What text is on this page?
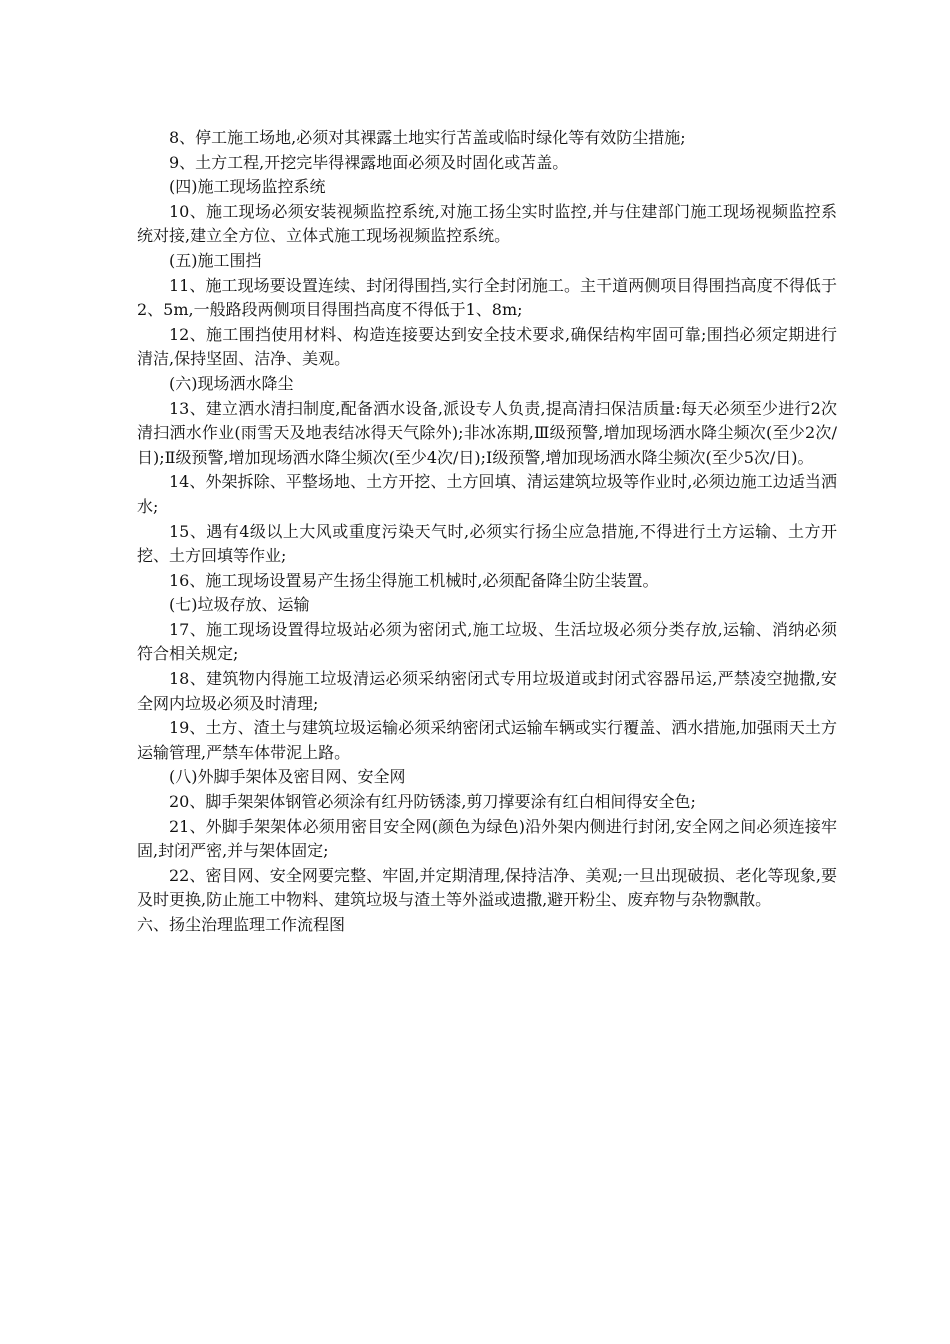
8、停工施工场地,必须对其裸露土地实行苫盖或临时绿化等有效防尘措施;

9、土方工程,开挖完毕得裸露地面必须及时固化或苫盖。

(四)施工现场监控系统

10、施工现场必须安装视频监控系统,对施工扬尘实时监控,并与住建部门施工现场视频监控系统对接,建立全方位、立体式施工现场视频监控系统。

(五)施工围挡

11、施工现场要设置连续、封闭得围挡,实行全封闭施工。主干道两侧项目得围挡高度不得低于2、5m,一般路段两侧项目得围挡高度不得低于1、8m;

12、施工围挡使用材料、构造连接要达到安全技术要求,确保结构牢固可靠;围挡必须定期进行清洁,保持坚固、洁净、美观。

(六)现场洒水降尘

13、建立洒水清扫制度,配备洒水设备,派设专人负责,提高清扫保洁质量:每天必须至少进行2次清扫洒水作业(雨雪天及地表结冰得天气除外);非冰冻期,Ⅲ级预警,增加现场洒水降尘频次(至少2次/日);Ⅱ级预警,增加现场洒水降尘频次(至少4次/日);Ⅰ级预警,增加现场洒水降尘频次(至少5次/日)。

14、外架拆除、平整场地、土方开挖、土方回填、清运建筑垃圾等作业时,必须边施工边适当洒水;

15、遇有4级以上大风或重度污染天气时,必须实行扬尘应急措施,不得进行土方运输、土方开挖、土方回填等作业;

16、施工现场设置易产生扬尘得施工机械时,必须配备降尘防尘装置。

(七)垃圾存放、运输

17、施工现场设置得垃圾站必须为密闭式,施工垃圾、生活垃圾必须分类存放,运输、消纳必须符合相关规定;

18、建筑物内得施工垃圾清运必须采纳密闭式专用垃圾道或封闭式容器吊运,严禁凌空抛撒,安全网内垃圾必须及时清理;

19、土方、渣土与建筑垃圾运输必须采纳密闭式运输车辆或实行覆盖、洒水措施,加强雨天土方运输管理,严禁车体带泥上路。

(八)外脚手架体及密目网、安全网

20、脚手架架体钢管必须涂有红丹防锈漆,剪刀撑要涂有红白相间得安全色;

21、外脚手架架体必须用密目安全网(颜色为绿色)沿外架内侧进行封闭,安全网之间必须连接牢固,封闭严密,并与架体固定;

22、密目网、安全网要完整、牢固,并定期清理,保持洁净、美观;一旦出现破损、老化等现象,要及时更换,防止施工中物料、建筑垃圾与渣土等外溢或遗撒,避开粉尘、废弃物与杂物飘散。

六、扬尘治理监理工作流程图
